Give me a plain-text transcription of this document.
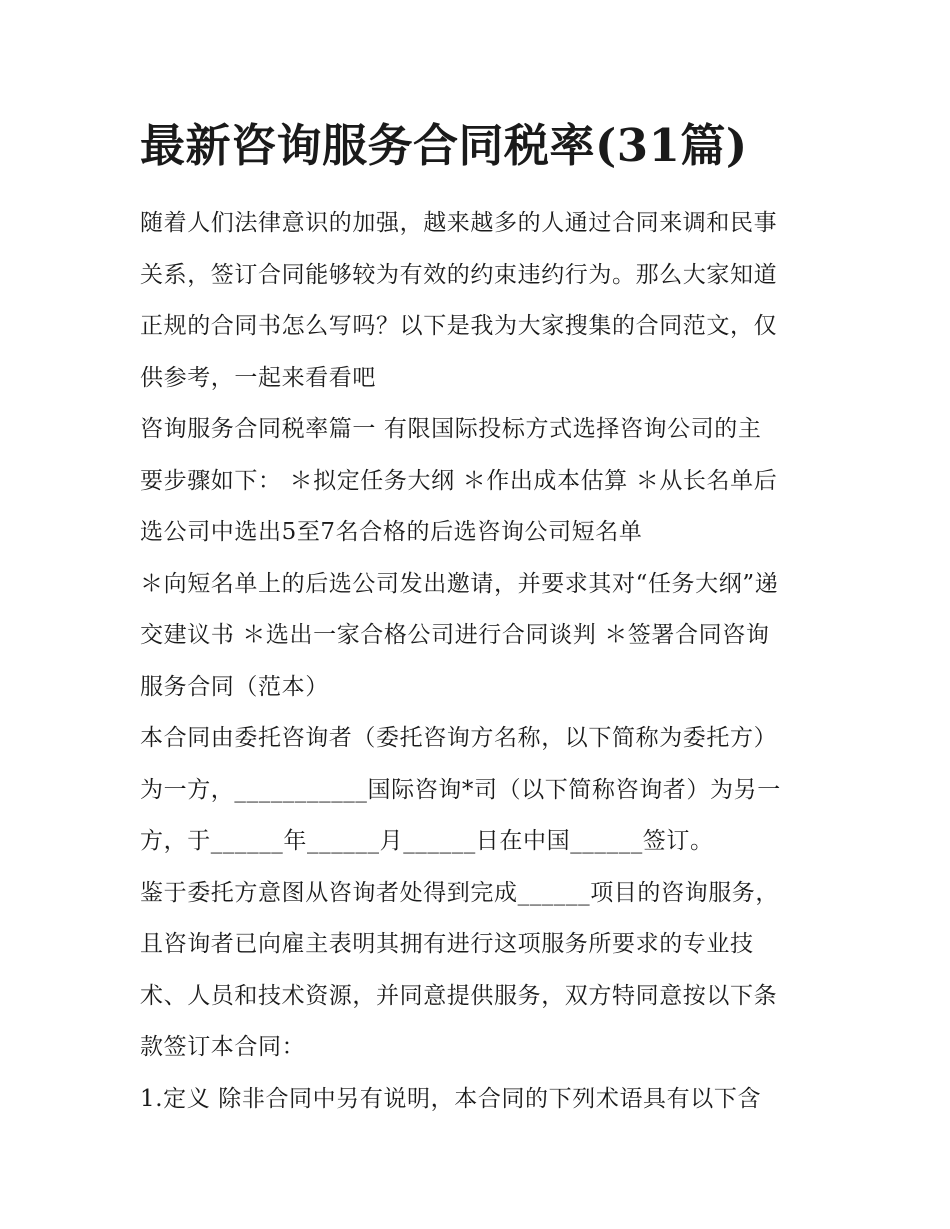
最新咨询服务合同税率(31篇)
随着人们法律意识的加强，越来越多的人通过合同来调和民事
关系，签订合同能够较为有效的约束违约行为。那么大家知道
正规的合同书怎么写吗？以下是我为大家搜集的合同范文，仅
供参考，一起来看看吧
咨询服务合同税率篇一 有限国际投标方式选择咨询公司的主
要步骤如下： ＊拟定任务大纲 ＊作出成本估算 ＊从长名单后
选公司中选出5至7名合格的后选咨询公司短名单
＊向短名单上的后选公司发出邀请，并要求其对“任务大纲”递
交建议书 ＊选出一家合格公司进行合同谈判 ＊签署合同咨询
服务合同（范本）
本合同由委托咨询者（委托咨询方名称，以下简称为委托方）
为一方，___________国际咨询*司（以下简称咨询者）为另一
方，于______年______月______日在中国______签订。
鉴于委托方意图从咨询者处得到完成______项目的咨询服务，
且咨询者已向雇主表明其拥有进行这项服务所要求的专业技
术、人员和技术资源，并同意提供服务，双方特同意按以下条
款签订本合同：
1.定义 除非合同中另有说明，本合同的下列术语具有以下含
